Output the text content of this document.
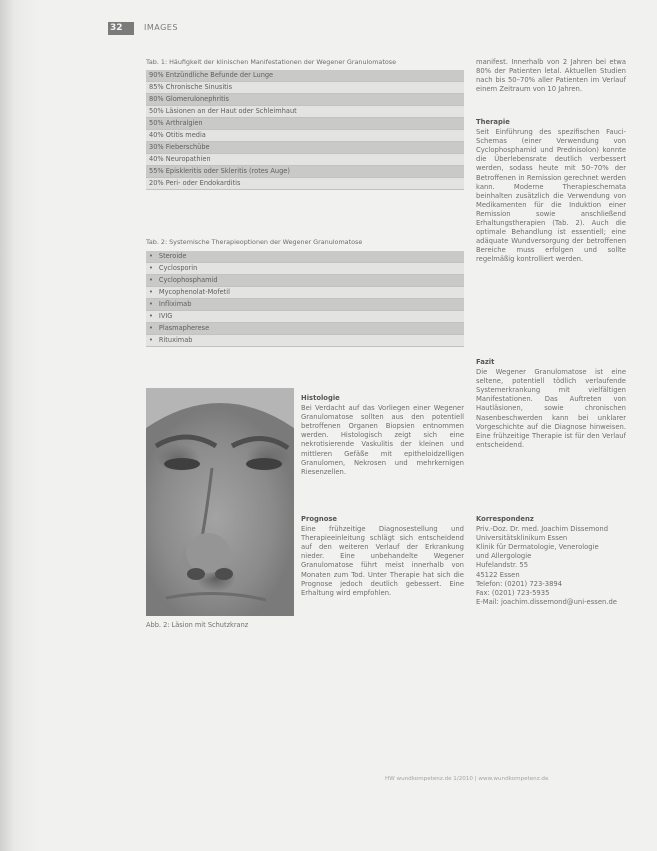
32	IMAGES
Tab. 1: Häufigkeit der klinischen Manifestationen der Wegener Granulomatose
90% Entzündliche Befunde der Lunge
85% Chronische Sinusitis
80% Glomerulonephritis
50% Läsionen an der Haut oder Schleimhaut
50% Arthralgien
40% Otitis media
30% Fieberschübe
40% Neuropathien
55% Episkleritis oder Skleritis (rotes Auge)
20% Peri- oder Endokarditis
Tab. 2: Systemische Therapieoptionen der Wegener Granulomatose
• Steroide
• Cyclosporin
• Cyclophosphamid
• Mycophenolat-Mofetil
• Infliximab
• IVIG
• Plasmapherese
• Rituximab
Abb. 2: Läsion mit Schutzkranz

manifest. Innerhalb von 2 Jahren bei etwa 80% der Patienten letal. Aktuellen Studien nach bis 50–70% aller Patienten im Verlauf einem Zeitraum von 10 Jahren.

Therapie

Seit Einführung des spezifischen Fauci-Schemas (einer Verwendung von Cyclophosphamid und Prednisolon) konnte die Überlebensrate deutlich verbessert werden, sodass heute mit 50–70% der Betroffenen in Remission gerechnet werden kann. Moderne Therapieschemata beinhalten zusätzlich die Verwendung von Medikamenten für die Induktion einer Remission sowie anschließend Erhaltungstherapien (Tab. 2). Auch die optimale Behandlung ist essentiell; eine adäquate Wundversorgung der betroffenen Bereiche muss erfolgen und sollte regelmäßig kontrolliert werden.

Fazit

Die Wegener Granulomatose ist eine seltene, potentiell tödlich verlaufende Systemerkrankung mit vielfältigen Manifestationen. Das Auftreten von Hautläsionen, sowie chronischen Nasenbeschwerden kann bei unklarer Vorgeschichte auf die Diagnose hinweisen. Eine frühzeitige Therapie ist für den Verlauf entscheidend.

Histologie

Bei Verdacht auf das Vorliegen einer Wegener Granulomatose sollten aus den potentiell betroffenen Organen Biopsien entnommen werden. Histologisch zeigt sich eine nekrotisierende Vaskulitis der kleinen und mittleren Gefäße mit epitheloidzelligen Granulomen, Nekrosen und mehrkernigen Riesenzellen.

Prognose

Eine frühzeitige Diagnosestellung und Therapieeinleitung schlägt sich entscheidend auf den weiteren Verlauf der Erkrankung nieder. Eine unbehandelte Wegener Granulomatose führt meist innerhalb von Monaten zum Tod. Unter Therapie hat sich die Prognose jedoch deutlich gebessert. Eine Erhaltung wird empfohlen.

Korrespondenz
Priv.-Doz. Dr. med. Joachim Dissemond
Universitätsklinikum Essen
Klinik für Dermatologie, Venerologie
und Allergologie
Hufelandstr. 55
45122 Essen
Telefon: (0201) 723-3894
Fax: (0201) 723-5935
E-Mail: joachim.dissemond@uni-essen.de
HW wundkompetenz.de 1/2010 | www.wundkompetenz.de
